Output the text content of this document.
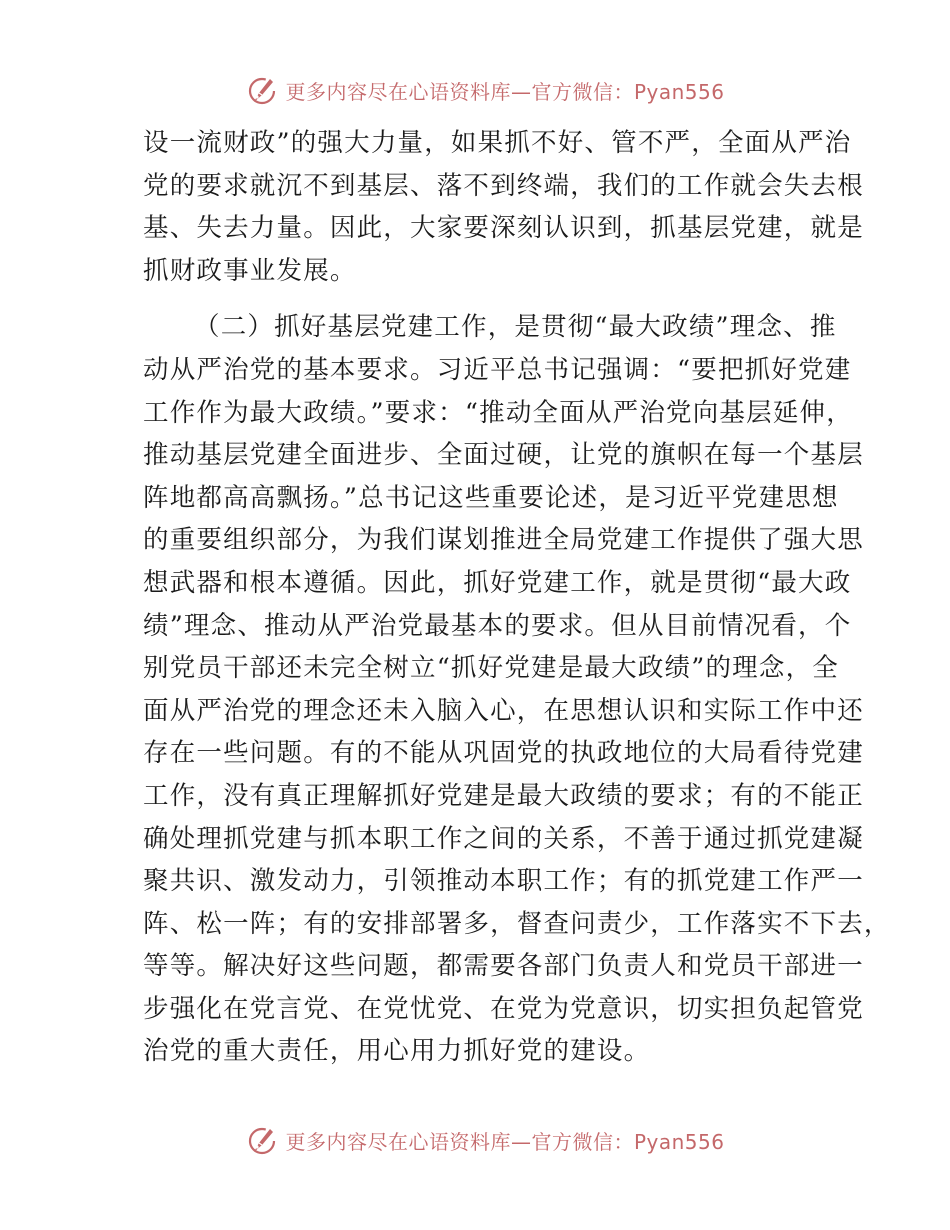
更多内容尽在心语资料库—官方微信：Pyan556
设一流财政”的强大力量，如果抓不好、管不严，全面从严治
党的要求就沉不到基层、落不到终端，我们的工作就会失去根
基、失去力量。因此，大家要深刻认识到，抓基层党建，就是
抓财政事业发展。
（二）抓好基层党建工作，是贯彻“最大政绩”理念、推
动从严治党的基本要求。习近平总书记强调：“要把抓好党建
工作作为最大政绩。”要求：“推动全面从严治党向基层延伸，
推动基层党建全面进步、全面过硬，让党的旗帜在每一个基层
阵地都高高飘扬。”总书记这些重要论述，是习近平党建思想
的重要组织部分，为我们谋划推进全局党建工作提供了强大思
想武器和根本遵循。因此，抓好党建工作，就是贯彻“最大政
绩”理念、推动从严治党最基本的要求。但从目前情况看，个
别党员干部还未完全树立“抓好党建是最大政绩”的理念，全
面从严治党的理念还未入脑入心，在思想认识和实际工作中还
存在一些问题。有的不能从巩固党的执政地位的大局看待党建
工作，没有真正理解抓好党建是最大政绩的要求；有的不能正
确处理抓党建与抓本职工作之间的关系，不善于通过抓党建凝
聚共识、激发动力，引领推动本职工作；有的抓党建工作严一
阵、松一阵；有的安排部署多，督查问责少，工作落实不下去，
等等。解决好这些问题，都需要各部门负责人和党员干部进一
步强化在党言党、在党忧党、在党为党意识，切实担负起管党
治党的重大责任，用心用力抓好党的建设。
更多内容尽在心语资料库—官方微信：Pyan556
